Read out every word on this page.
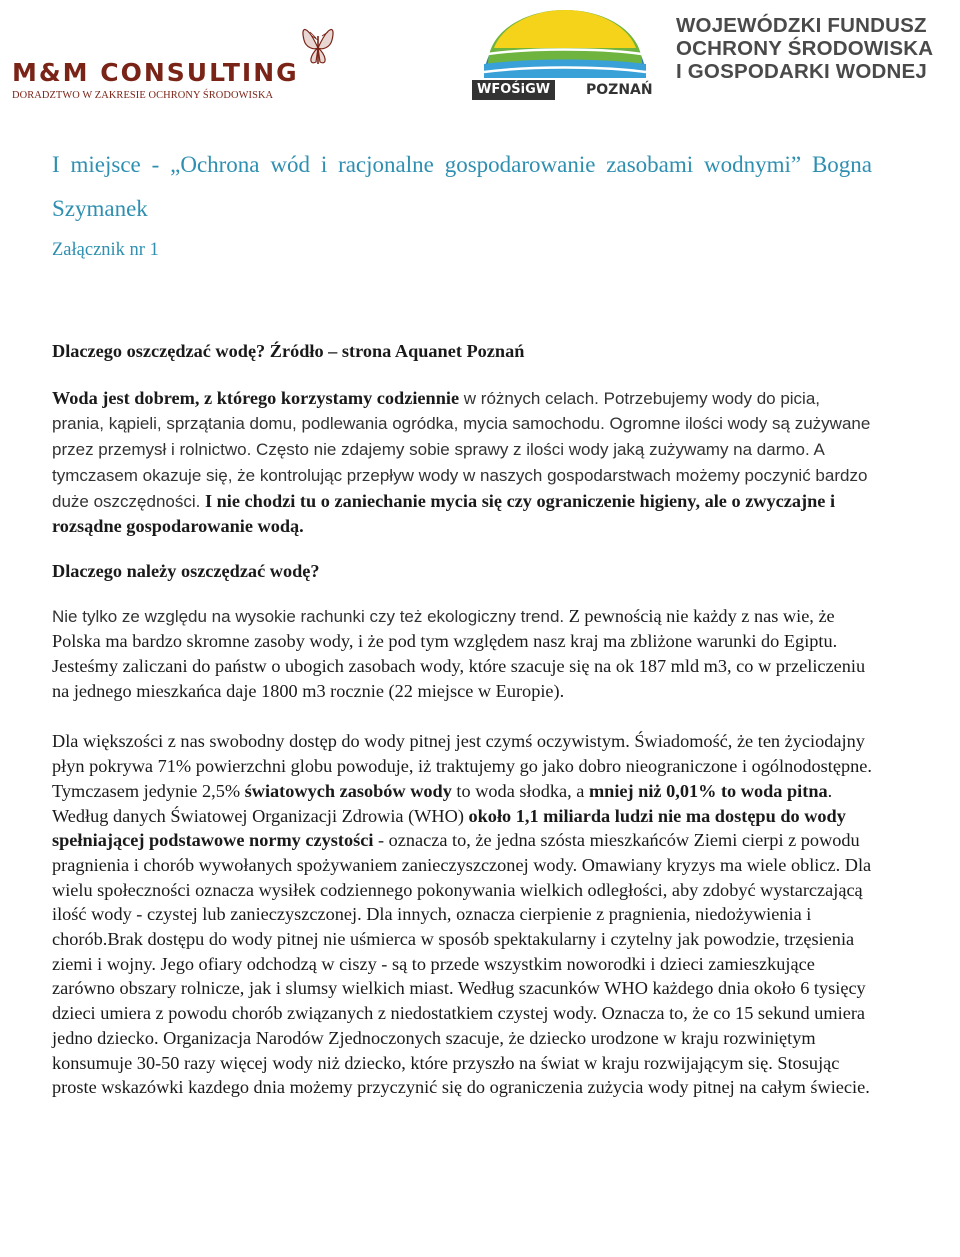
M&M CONSULTING
DORADZTWO W ZAKRESIE OCHRONY ŚRODOWISKA	WFOŚiGW	POZNAŃ
WOJEWÓDZKI FUNDUSZ
OCHRONY ŚRODOWISKA
I GOSPODARKI WODNEJ
I miejsce - „Ochrona wód i racjonalne gospodarowanie zasobami wodnymi” Bogna Szymanek
Załącznik nr 1
Dlaczego oszczędzać wodę? Źródło – strona Aquanet Poznań

Woda jest dobrem, z którego korzystamy codziennie w różnych celach. Potrzebujemy wody do picia, prania, kąpieli, sprzątania domu, podlewania ogródka, mycia samochodu. Ogromne ilości wody są zużywane przez przemysł i rolnictwo. Często nie zdajemy sobie sprawy z ilości wody jaką zużywamy na darmo. A tymczasem okazuje się, że kontrolując przepływ wody w naszych gospodarstwach możemy poczynić bardzo duże oszczędności. I nie chodzi tu o zaniechanie mycia się czy ograniczenie higieny, ale o zwyczajne i rozsądne gospodarowanie wodą.

Dlaczego należy oszczędzać wodę?

Nie tylko ze względu na wysokie rachunki czy też ekologiczny trend. Z pewnością nie każdy z nas wie, że Polska ma bardzo skromne zasoby wody, i że pod tym względem nasz kraj ma zbliżone warunki do Egiptu. Jesteśmy zaliczani do państw o ubogich zasobach wody, które szacuje się na ok 187 mld m3, co w przeliczeniu na jednego mieszkańca daje 1800 m3 rocznie (22 miejsce w Europie).

Dla większości z nas swobodny dostęp do wody pitnej jest czymś oczywistym. Świadomość, że ten życiodajny płyn pokrywa 71% powierzchni globu powoduje, iż traktujemy go jako dobro nieograniczone i ogólnodostępne. Tymczasem jedynie 2,5% światowych zasobów wody to woda słodka, a mniej niż 0,01% to woda pitna. Według danych Światowej Organizacji Zdrowia (WHO) około 1,1 miliarda ludzi nie ma dostępu do wody spełniającej podstawowe normy czystości - oznacza to, że jedna szósta mieszkańców Ziemi cierpi z powodu pragnienia i chorób wywołanych spożywaniem zanieczyszczonej wody. Omawiany kryzys ma wiele oblicz. Dla wielu społeczności oznacza wysiłek codziennego pokonywania wielkich odległości, aby zdobyć wystarczającą ilość wody - czystej lub zanieczyszczonej. Dla innych, oznacza cierpienie z pragnienia, niedożywienia i chorób.Brak dostępu do wody pitnej nie uśmierca w sposób spektakularny i czytelny jak powodzie, trzęsienia ziemi i wojny. Jego ofiary odchodzą w ciszy - są to przede wszystkim noworodki i dzieci zamieszkujące zarówno obszary rolnicze, jak i slumsy wielkich miast. Według szacunków WHO każdego dnia około 6 tysięcy dzieci umiera z powodu chorób związanych z niedostatkiem czystej wody. Oznacza to, że co 15 sekund umiera jedno dziecko. Organizacja Narodów Zjednoczonych szacuje, że dziecko urodzone w kraju rozwiniętym konsumuje 30-50 razy więcej wody niż dziecko, które przyszło na świat w kraju rozwijającym się. Stosując proste wskazówki kazdego dnia możemy przyczynić się do ograniczenia zużycia wody pitnej na całym świecie.
